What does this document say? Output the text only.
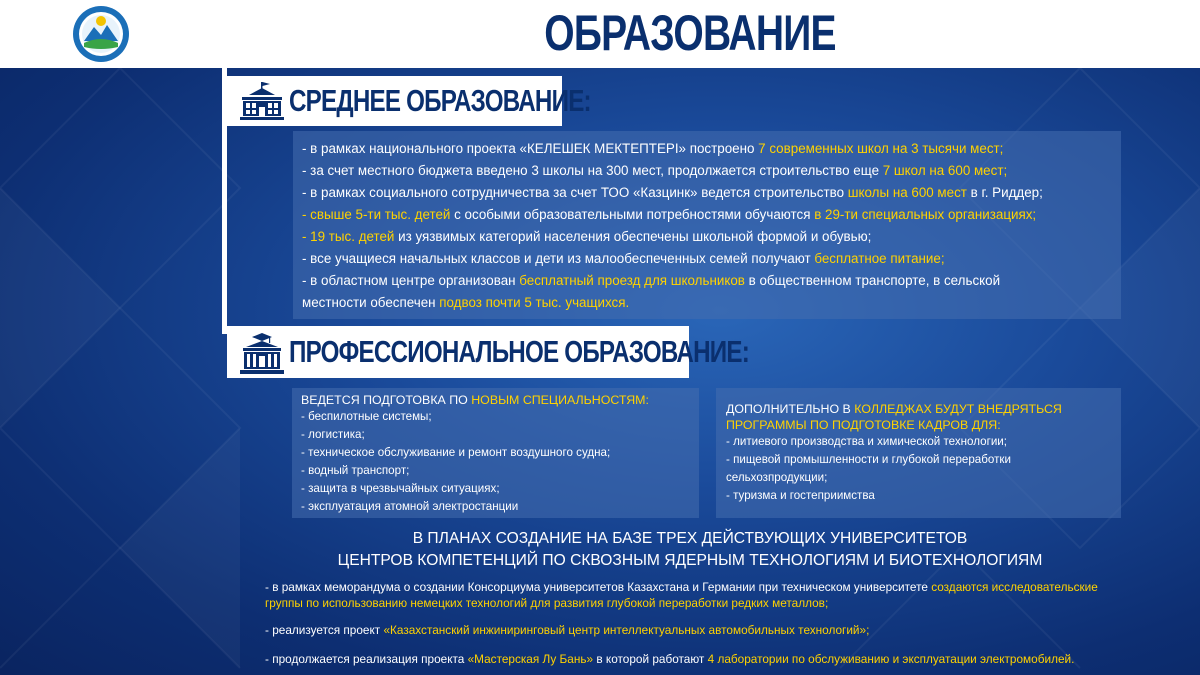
ОБРАЗОВАНИЕ
СРЕДНЕЕ ОБРАЗОВАНИЕ:

- в рамках национального проекта «КЕЛЕШЕК МЕКТЕПТЕРІ» построено 7 современных школ на 3 тысячи мест;

- за счет местного бюджета введено 3 школы на 300 мест, продолжается строительство еще 7 школ на 600 мест;

- в рамках социального сотрудничества за счет ТОО «Казцинк» ведется строительство школы на 600 мест в г. Риддер;

- свыше 5-ти тыс. детей с особыми образовательными потребностями обучаются в 29-ти специальных организациях;

- 19 тыс. детей из уязвимых категорий населения обеспечены школьной формой и обувью;

- все учащиеся начальных классов и дети из малообеспеченных семей получают бесплатное питание;

- в областном центре организован бесплатный проезд для школьников в общественном транспорте, в сельской

местности обеспечен подвоз почти 5 тыс. учащихся.

ПРОФЕССИОНАЛЬНОЕ ОБРАЗОВАНИЕ:

ВЕДЕТСЯ ПОДГОТОВКА ПО НОВЫМ СПЕЦИАЛЬНОСТЯМ:

- беспилотные системы;

- логистика;

- техническое обслуживание и ремонт воздушного судна;

- водный транспорт;

- защита в чрезвычайных ситуациях;

- эксплуатация атомной электростанции

ДОПОЛНИТЕЛЬНО В КОЛЛЕДЖАХ БУДУТ ВНЕДРЯТЬСЯ

ПРОГРАММЫ ПО ПОДГОТОВКЕ КАДРОВ ДЛЯ:

- литиевого производства и химической технологии;

- пищевой промышленности и глубокой переработки

сельхозпродукции;

- туризма и гостеприимства

В ПЛАНАХ СОЗДАНИЕ НА БАЗЕ ТРЕХ ДЕЙСТВУЮЩИХ УНИВЕРСИТЕТОВ
ЦЕНТРОВ КОМПЕТЕНЦИЙ ПО СКВОЗНЫМ ЯДЕРНЫМ ТЕХНОЛОГИЯМ И БИОТЕХНОЛОГИЯМ

- в рамках меморандума о создании Консорциума университетов Казахстана и Германии при техническом университете создаются исследовательские

группы по использованию немецких технологий для развития глубокой переработки редких металлов;

- реализуется проект «Казахстанский инжиниринговый центр интеллектуальных автомобильных технологий»;

- продолжается реализация проекта «Мастерская Лу Бань» в которой работают 4 лаборатории по обслуживанию и эксплуатации электромобилей.
